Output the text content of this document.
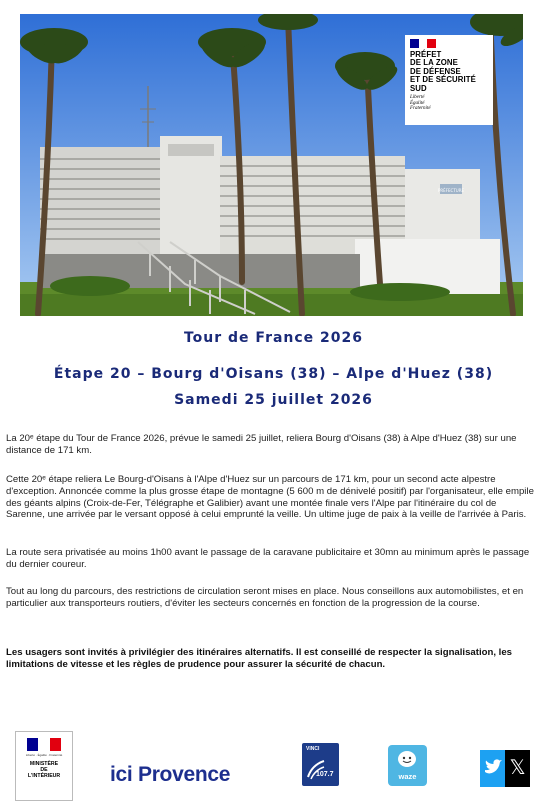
PRÉFECTURE
PRÉFET
DE LA ZONE
DE DÉFENSE
ET DE SÉCURITÉ
SUD
Liberté
Égalité
Fraternité
Tour de France 2026
Étape 20 – Bourg d'Oisans (38) – Alpe d'Huez (38)
Samedi 25 juillet 2026
La 20ᵉ étape du Tour de France 2026, prévue le samedi 25 juillet, reliera Bourg d'Oisans (38) à Alpe d'Huez (38) sur une distance de 171 km.
Cette 20ᵉ étape reliera Le Bourg-d'Oisans à l'Alpe d'Huez sur un parcours de 171 km, pour un second acte alpestre d'exception. Annoncée comme la plus grosse étape de montagne (5 600 m de dénivelé positif) par l'organisateur, elle empile des géants alpins (Croix-de-Fer, Télégraphe et Galibier) avant une montée finale vers l'Alpe par l'itinéraire du col de Sarenne, une arrivée par le versant opposé à celui emprunté la veille. Un ultime juge de paix à la veille de l'arrivée à Paris.
La route sera privatisée au moins 1h00 avant le passage de la caravane publicitaire et 30mn au minimum après le passage du dernier coureur.
Tout au long du parcours, des restrictions de circulation seront mises en place. Nous conseillons aux automobilistes, et en particulier aux transporteurs routiers, d'éviter les secteurs concernés en fonction de la progression de la course.
Les usagers sont invités à privilégier des itinéraires alternatifs. Il est conseillé de respecter la signalisation, les limitations de vitesse et les règles de prudence pour assurer la sécurité de chacun.
Liberté · Égalité · Fraternité
MINISTÈRE
DE
L'INTÉRIEUR	ici Provence
VINCI
107.7	waze	𝕏
